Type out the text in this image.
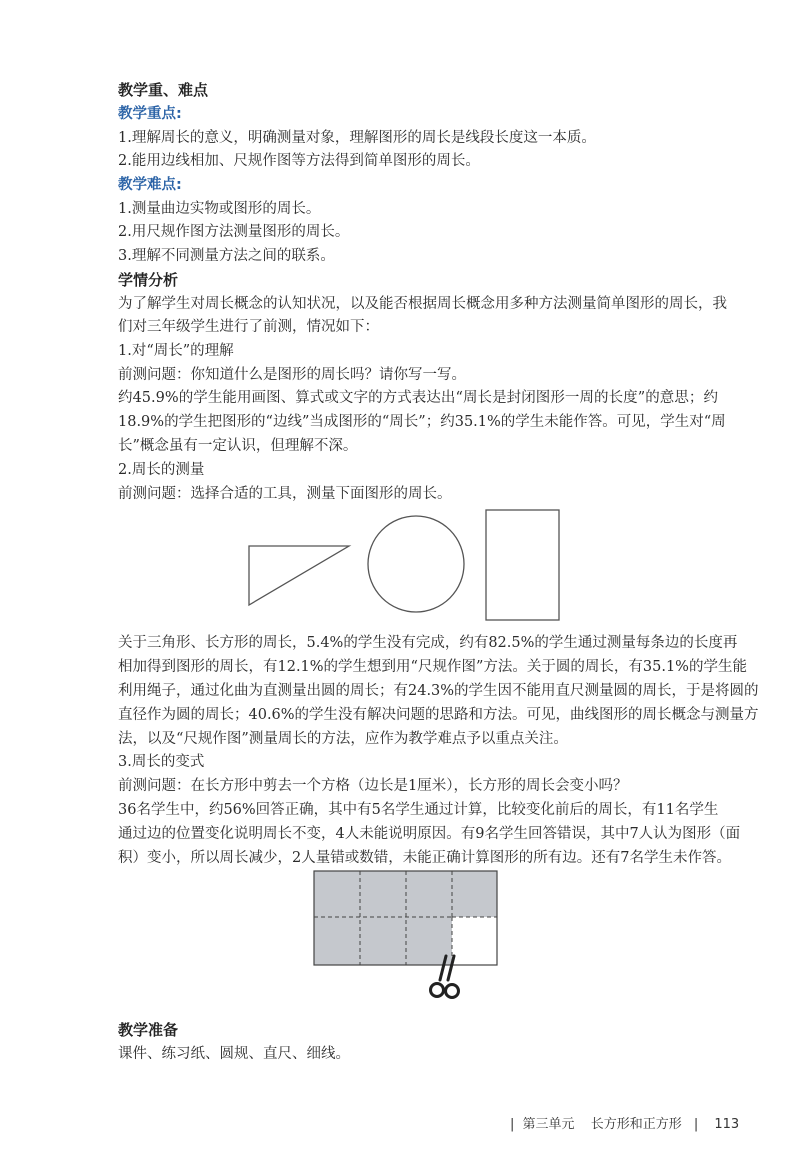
教学重、难点
教学重点:
1.理解周长的意义，明确测量对象，理解图形的周长是线段长度这一本质。
2.能用边线相加、尺规作图等方法得到简单图形的周长。
教学难点:
1.测量曲边实物或图形的周长。
2.用尺规作图方法测量图形的周长。
3.理解不同测量方法之间的联系。
学情分析
为了解学生对周长概念的认知状况，以及能否根据周长概念用多种方法测量简单图形的周长，我
们对三年级学生进行了前测，情况如下：
1.对“周长”的理解
前测问题：你知道什么是图形的周长吗？请你写一写。
约45.9%的学生能用画图、算式或文字的方式表达出“周长是封闭图形一周的长度”的意思；约
18.9%的学生把图形的“边线”当成图形的“周长”；约35.1%的学生未能作答。可见，学生对“周
长”概念虽有一定认识，但理解不深。
2.周长的测量
前测问题：选择合适的工具，测量下面图形的周长。
关于三角形、长方形的周长，5.4%的学生没有完成，约有82.5%的学生通过测量每条边的长度再
相加得到图形的周长，有12.1%的学生想到用“尺规作图”方法。关于圆的周长，有35.1%的学生能
利用绳子，通过化曲为直测量出圆的周长；有24.3%的学生因不能用直尺测量圆的周长，于是将圆的
直径作为圆的周长；40.6%的学生没有解决问题的思路和方法。可见，曲线图形的周长概念与测量方
法，以及“尺规作图”测量周长的方法，应作为教学难点予以重点关注。
3.周长的变式
前测问题：在长方形中剪去一个方格（边长是1厘米），长方形的周长会变小吗？
36名学生中，约56%回答正确，其中有5名学生通过计算，比较变化前后的周长，有11名学生
通过边的位置变化说明周长不变，4人未能说明原因。有9名学生回答错误，其中7人认为图形（面
积）变小，所以周长减少，2人量错或数错，未能正确计算图形的所有边。还有7名学生未作答。
教学准备
课件、练习纸、圆规、直尺、细线。
| 第三单元 长方形和正方形 | 113
